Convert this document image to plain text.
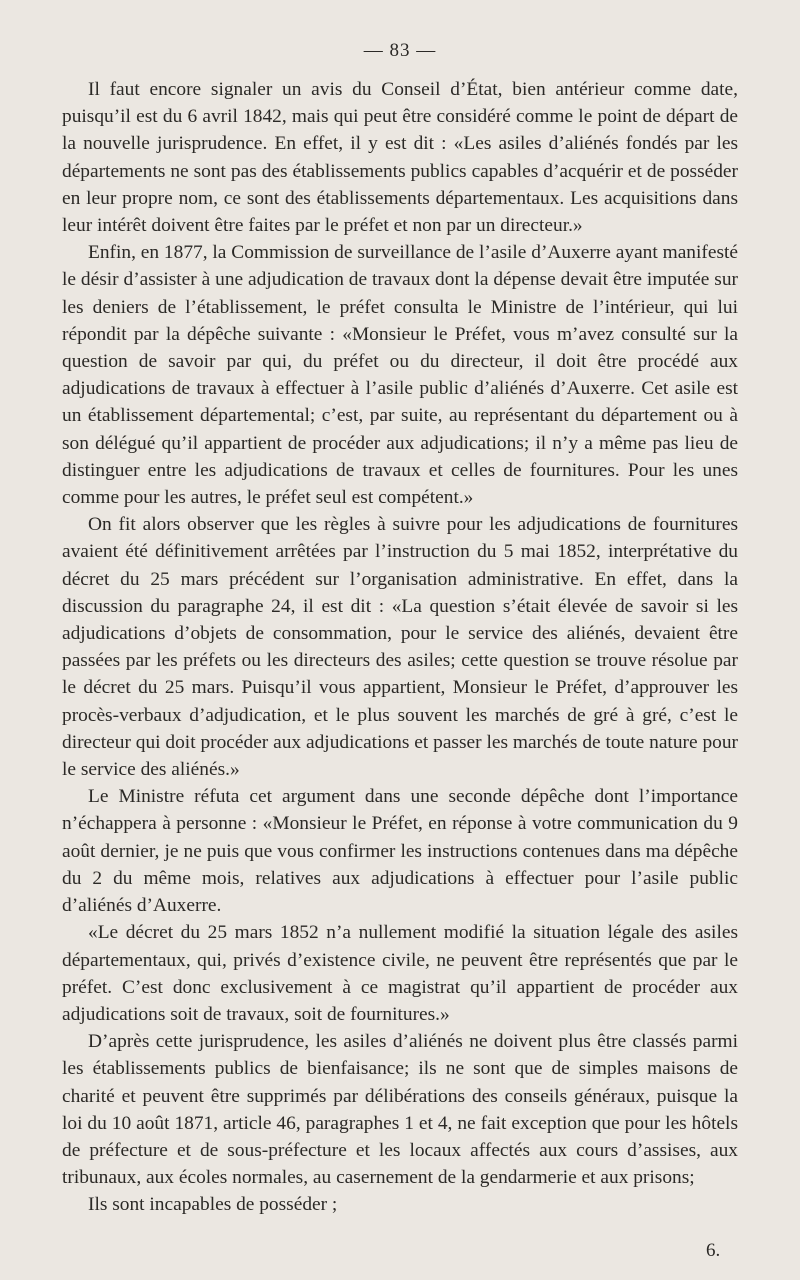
— 83 —

Il faut encore signaler un avis du Conseil d’État, bien antérieur comme date, puisqu’il est du 6 avril 1842, mais qui peut être considéré comme le point de départ de la nouvelle jurisprudence. En effet, il y est dit : «Les asiles d’aliénés fondés par les départements ne sont pas des établissements publics capables d’acquérir et de posséder en leur propre nom, ce sont des établissements départementaux. Les acquisitions dans leur intérêt doivent être faites par le préfet et non par un directeur.»

Enfin, en 1877, la Commission de surveillance de l’asile d’Auxerre ayant manifesté le désir d’assister à une adjudication de travaux dont la dépense devait être imputée sur les deniers de l’établissement, le préfet consulta le Ministre de l’intérieur, qui lui répondit par la dépêche suivante : «Monsieur le Préfet, vous m’avez consulté sur la question de savoir par qui, du préfet ou du directeur, il doit être procédé aux adjudications de travaux à effectuer à l’asile public d’aliénés d’Auxerre. Cet asile est un établissement départemental; c’est, par suite, au représentant du département ou à son délégué qu’il appartient de procéder aux adjudications; il n’y a même pas lieu de distinguer entre les adjudications de travaux et celles de fournitures. Pour les unes comme pour les autres, le préfet seul est compétent.»

On fit alors observer que les règles à suivre pour les adjudications de fournitures avaient été définitivement arrêtées par l’instruction du 5 mai 1852, interprétative du décret du 25 mars précédent sur l’organisation administrative. En effet, dans la discussion du paragraphe 24, il est dit : «La question s’était élevée de savoir si les adjudications d’objets de consommation, pour le service des aliénés, devaient être passées par les préfets ou les directeurs des asiles; cette question se trouve résolue par le décret du 25 mars. Puisqu’il vous appartient, Monsieur le Préfet, d’approuver les procès-verbaux d’adjudication, et le plus souvent les marchés de gré à gré, c’est le directeur qui doit procéder aux adjudications et passer les marchés de toute nature pour le service des aliénés.»

Le Ministre réfuta cet argument dans une seconde dépêche dont l’importance n’échappera à personne : «Monsieur le Préfet, en réponse à votre communication du 9 août dernier, je ne puis que vous confirmer les instructions contenues dans ma dépêche du 2 du même mois, relatives aux adjudications à effectuer pour l’asile public d’aliénés d’Auxerre.

«Le décret du 25 mars 1852 n’a nullement modifié la situation légale des asiles départementaux, qui, privés d’existence civile, ne peuvent être représentés que par le préfet. C’est donc exclusivement à ce magistrat qu’il appartient de procéder aux adjudications soit de travaux, soit de fournitures.»

D’après cette jurisprudence, les asiles d’aliénés ne doivent plus être classés parmi les établissements publics de bienfaisance; ils ne sont que de simples maisons de charité et peuvent être supprimés par délibérations des conseils généraux, puisque la loi du 10 août 1871, article 46, paragraphes 1 et 4, ne fait exception que pour les hôtels de préfecture et de sous-préfecture et les locaux affectés aux cours d’assises, aux tribunaux, aux écoles normales, au casernement de la gendarmerie et aux prisons;

Ils sont incapables de posséder ;

6.
